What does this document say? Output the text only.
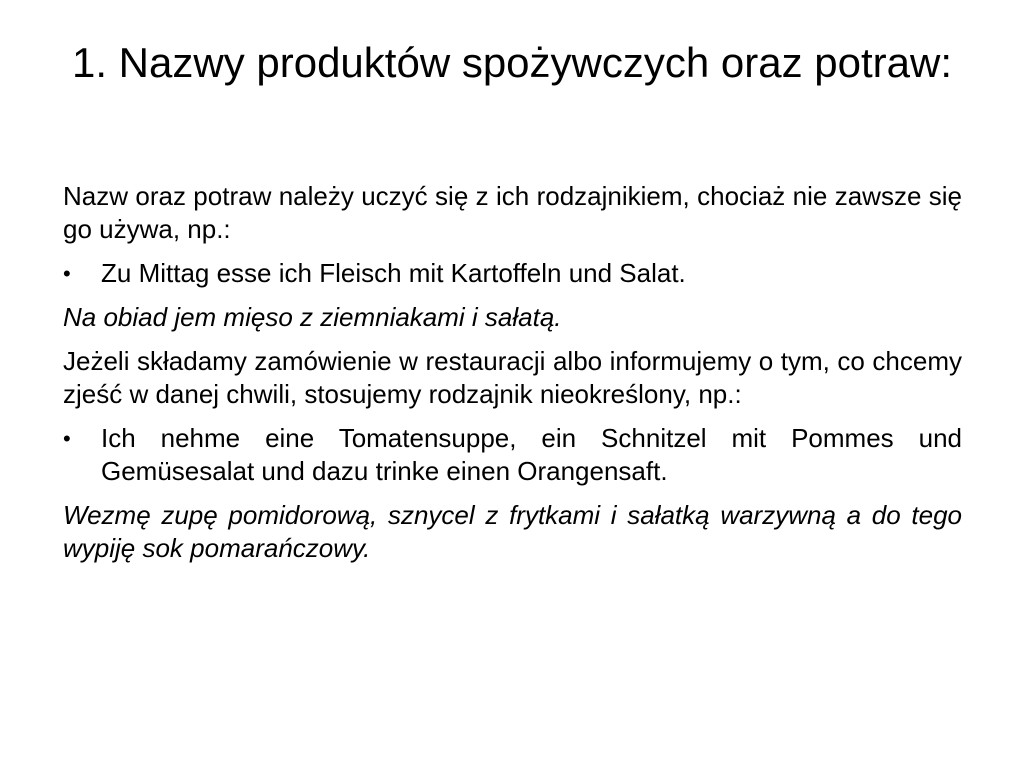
1. Nazwy produktów spożywczych oraz potraw:

Nazw oraz potraw należy uczyć się z ich rodzajnikiem, chociaż nie zawsze się go używa, np.:

•	Zu Mittag esse ich Fleisch mit Kartoffeln und Salat.

Na obiad jem mięso z ziemniakami i sałatą.

Jeżeli składamy zamówienie w restauracji albo informujemy o tym, co chcemy zjeść w danej chwili, stosujemy rodzajnik nieokreślony, np.:

•	Ich nehme eine Tomatensuppe, ein Schnitzel mit Pommes und Gemüsesalat und dazu trinke einen Orangensaft.

Wezmę zupę pomidorową, sznycel z frytkami i sałatką warzywną a do tego wypiję sok pomarańczowy.
